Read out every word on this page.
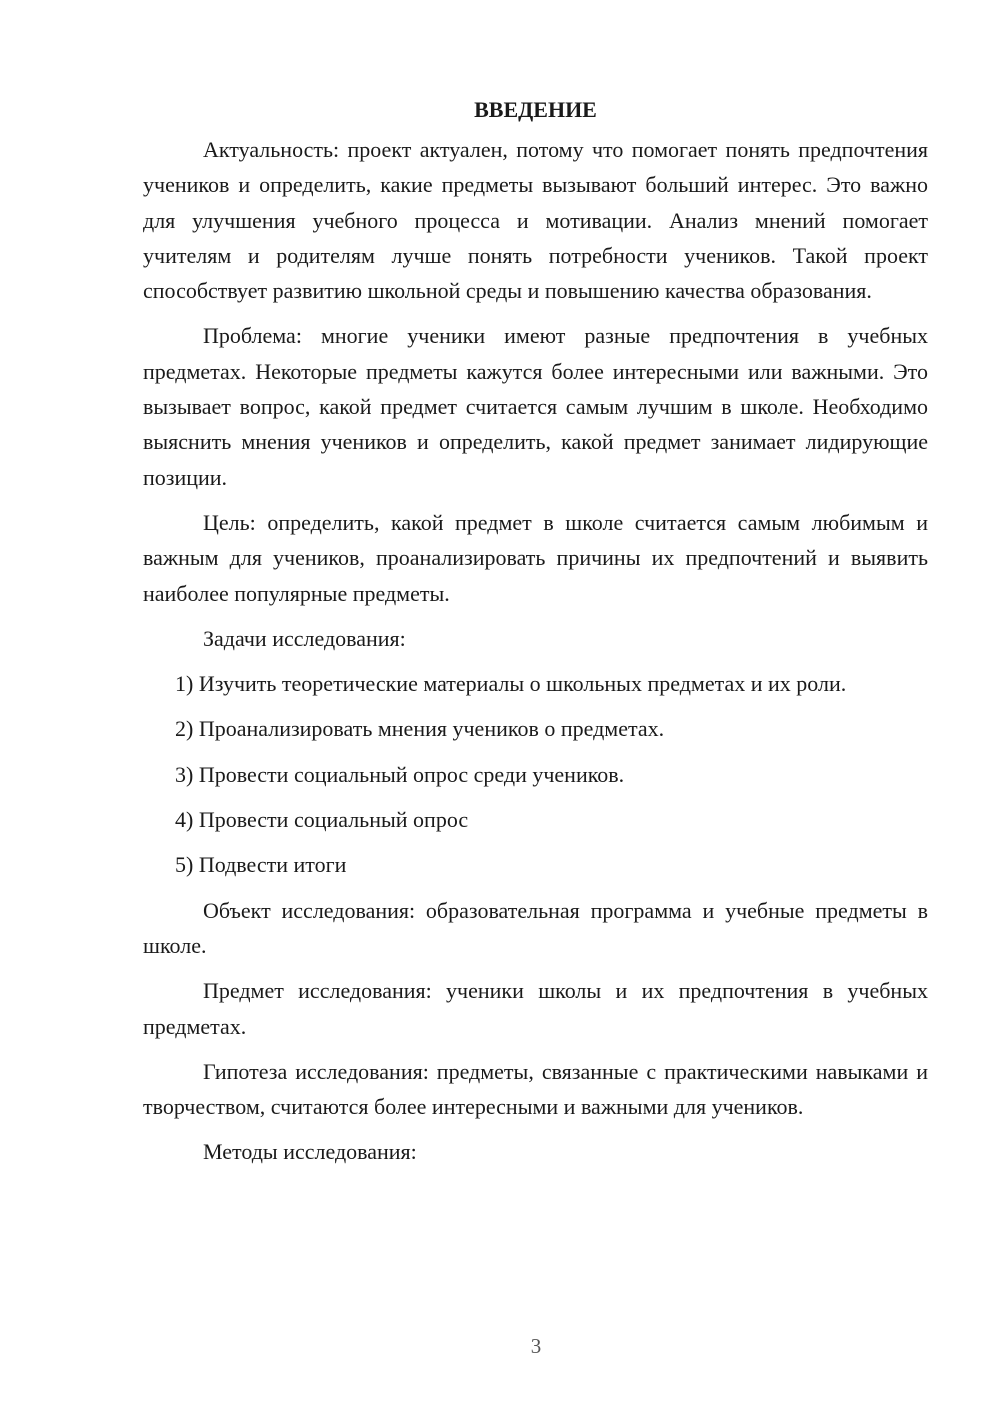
ВВЕДЕНИЕ

Актуальность: проект актуален, потому что помогает понять предпочтения учеников и определить, какие предметы вызывают больший интерес. Это важно для улучшения учебного процесса и мотивации. Анализ мнений помогает учителям и родителям лучше понять потребности учеников. Такой проект способствует развитию школьной среды и повышению качества образования.

Проблема: многие ученики имеют разные предпочтения в учебных предметах. Некоторые предметы кажутся более интересными или важными. Это вызывает вопрос, какой предмет считается самым лучшим в школе. Необходимо выяснить мнения учеников и определить, какой предмет занимает лидирующие позиции.

Цель: определить, какой предмет в школе считается самым любимым и важным для учеников, проанализировать причины их предпочтений и выявить наиболее популярные предметы.

Задачи исследования:

1) Изучить теоретические материалы о школьных предметах и их роли.

2) Проанализировать мнения учеников о предметах.

3) Провести социальный опрос среди учеников.

4) Провести социальный опрос

5) Подвести итоги

Объект исследования: образовательная программа и учебные предметы в школе.

Предмет исследования: ученики школы и их предпочтения в учебных предметах.

Гипотеза исследования: предметы, связанные с практическими навыками и творчеством, считаются более интересными и важными для учеников.

Методы исследования:

3
